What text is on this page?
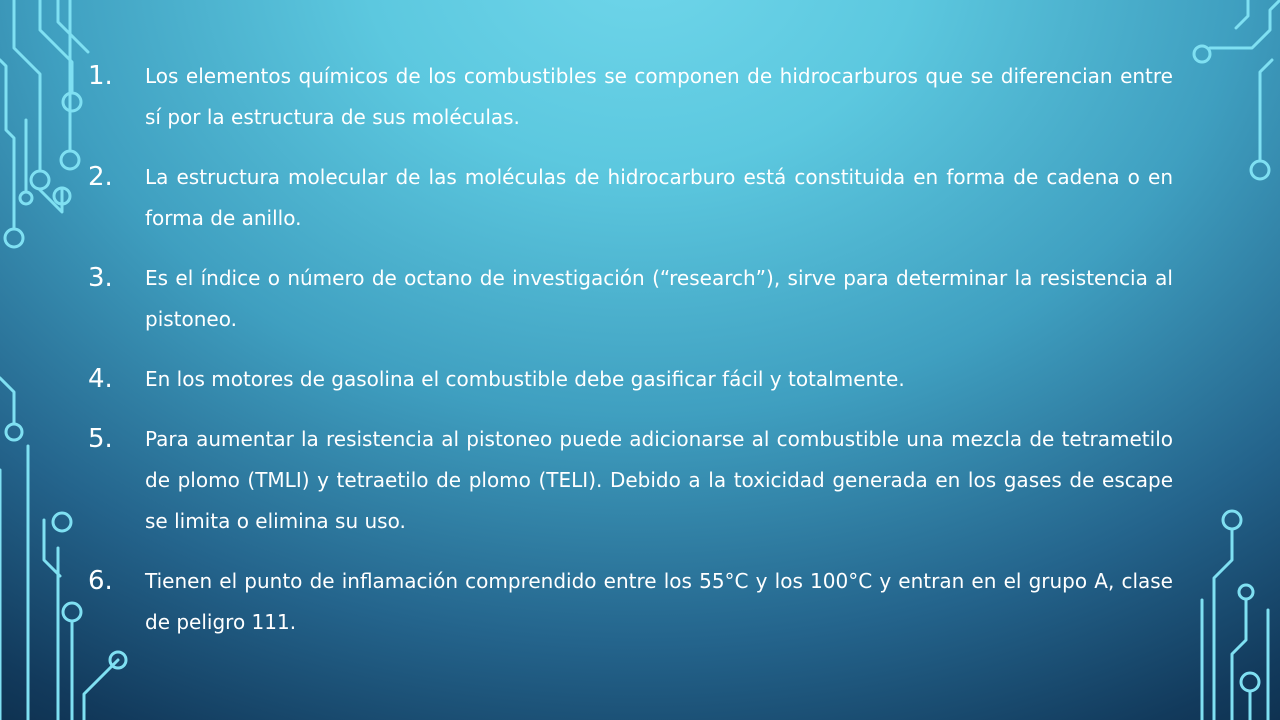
1. Los elementos químicos de los combustibles se componen de hidrocarburos que se diferencian entre sí por la estructura de sus moléculas.
2. La estructura molecular de las moléculas de hidrocarburo está constituida en forma de cadena o en forma de anillo.
3. Es el índice o número de octano de investigación (“research”), sirve para determinar la resistencia al pistoneo.
4. En los motores de gasolina el combustible debe gasificar fácil y totalmente.
5. Para aumentar la resistencia al pistoneo puede adicionarse al combustible una mezcla de tetrametilo de plomo (TMLI) y tetraetilo de plomo (TELI). Debido a la toxicidad generada en los gases de escape se limita o elimina su uso.
6. Tienen el punto de inflamación comprendido entre los 55°C y los 100°C y entran en el grupo A, clase de peligro 111.
